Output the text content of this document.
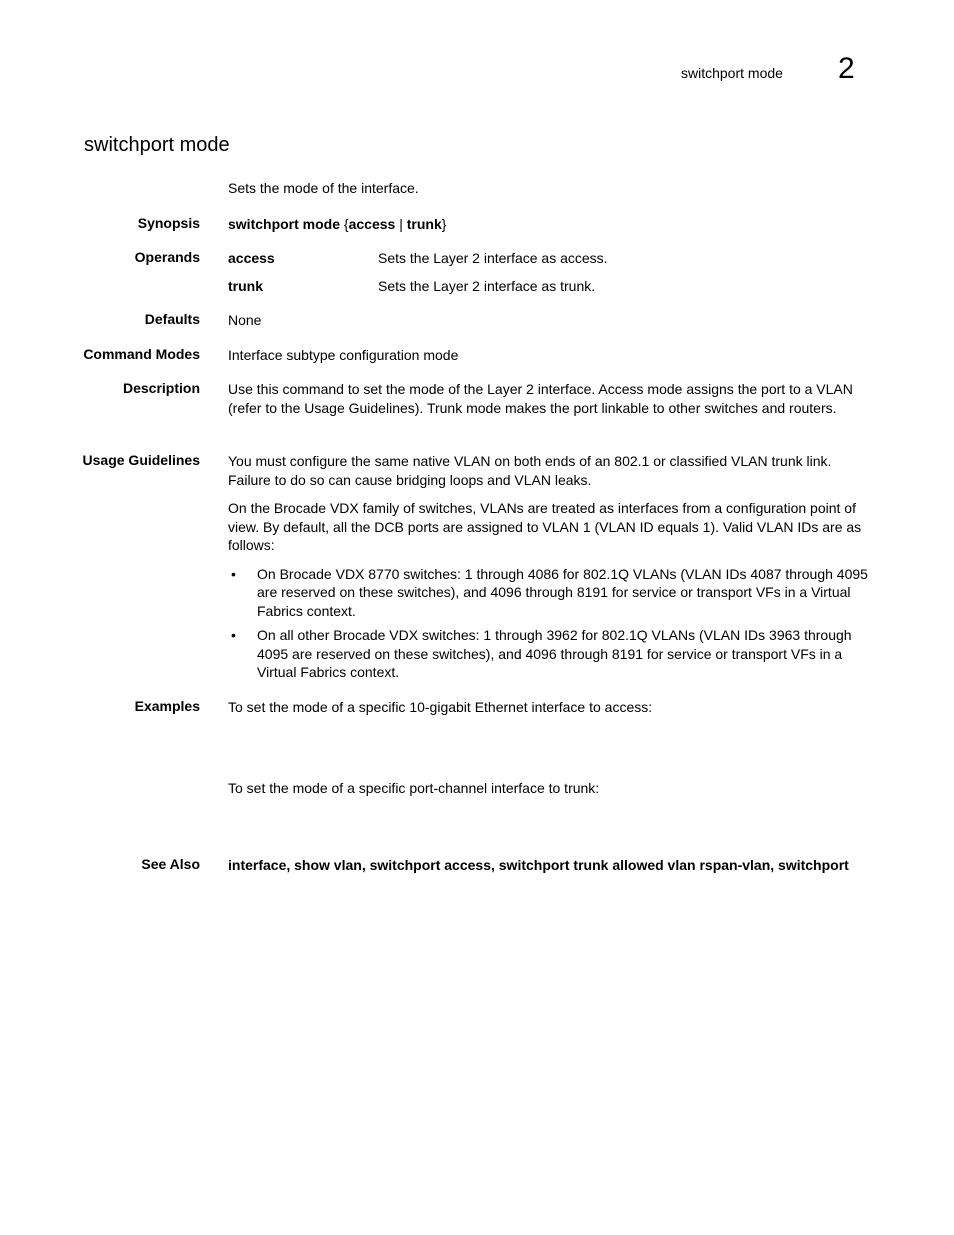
switchport mode 2
switchport mode
Sets the mode of the interface.
Synopsis switchport mode {access | trunk}
Operands access	Sets the Layer 2 interface as access.
trunk	Sets the Layer 2 interface as trunk.
Defaults None
Command Modes Interface subtype configuration mode
Description Use this command to set the mode of the Layer 2 interface. Access mode assigns the port to a VLAN (refer to the Usage Guidelines). Trunk mode makes the port linkable to other switches and routers.
Usage Guidelines You must configure the same native VLAN on both ends of an 802.1 or classified VLAN trunk link. Failure to do so can cause bridging loops and VLAN leaks.

On the Brocade VDX family of switches, VLANs are treated as interfaces from a configuration point of view. By default, all the DCB ports are assigned to VLAN 1 (VLAN ID equals 1). Valid VLAN IDs are as follows:

• On Brocade VDX 8770 switches: 1 through 4086 for 802.1Q VLANs (VLAN IDs 4087 through 4095 are reserved on these switches), and 4096 through 8191 for service or transport VFs in a Virtual Fabrics context.
• On all other Brocade VDX switches: 1 through 3962 for 802.1Q VLANs (VLAN IDs 3963 through 4095 are reserved on these switches), and 4096 through 8191 for service or transport VFs in a Virtual Fabrics context.
Examples To set the mode of a specific 10-gigabit Ethernet interface to access:
To set the mode of a specific port-channel interface to trunk:
See Also interface, show vlan, switchport access, switchport trunk allowed vlan rspan-vlan, switchport
